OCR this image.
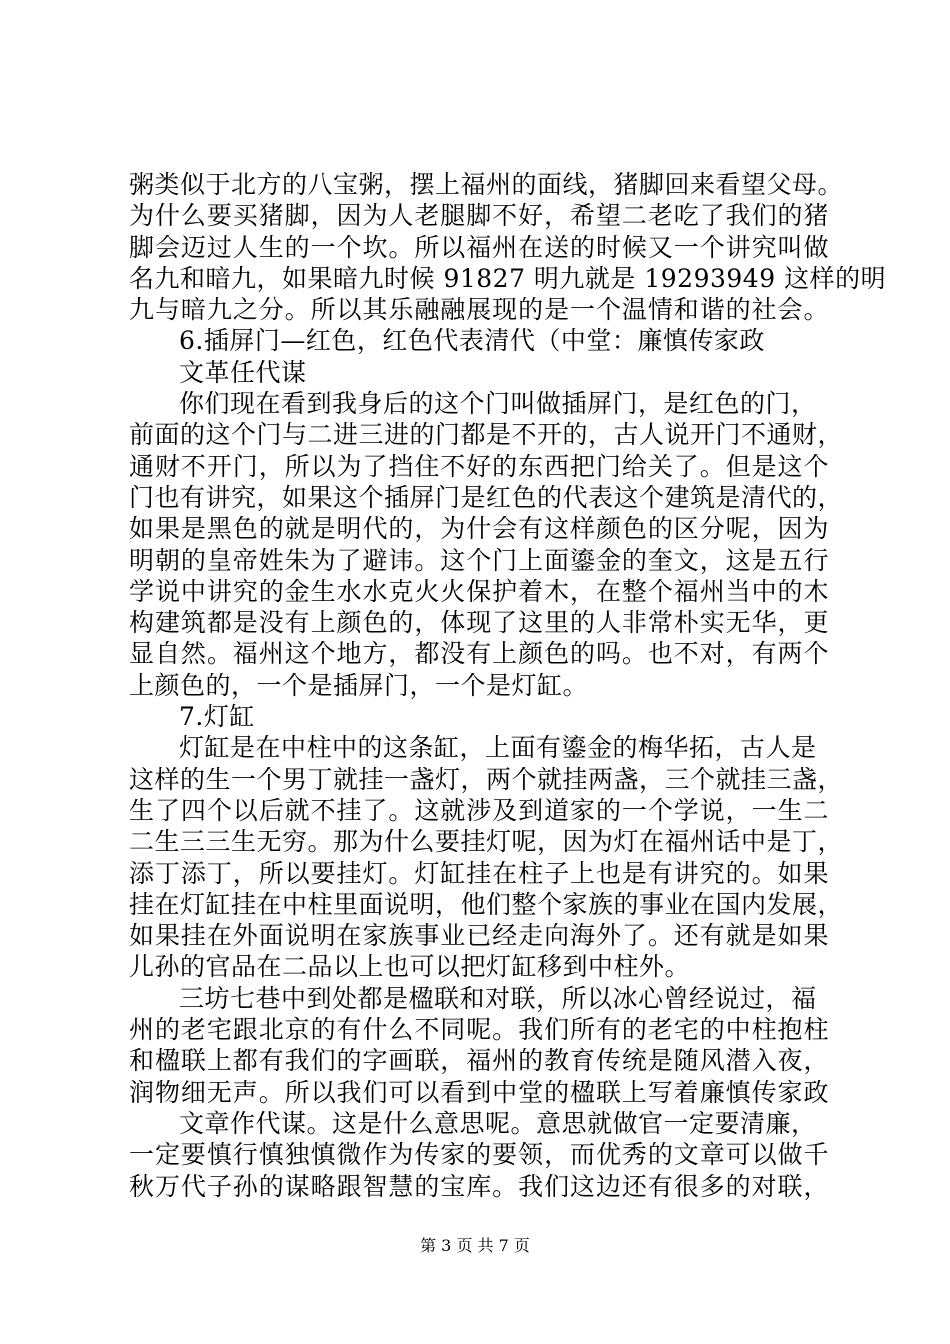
粥类似于北方的八宝粥，摆上福州的面线，猪脚回来看望父母。
为什么要买猪脚，因为人老腿脚不好，希望二老吃了我们的猪
脚会迈过人生的一个坎。所以福州在送的时候又一个讲究叫做
名九和暗九，如果暗九时候 91827 明九就是 19293949 这样的明
九与暗九之分。所以其乐融融展现的是一个温情和谐的社会。
6.插屏门—红色，红色代表清代（中堂：廉慎传家政
文革任代谋
你们现在看到我身后的这个门叫做插屏门，是红色的门，
前面的这个门与二进三进的门都是不开的，古人说开门不通财，
通财不开门，所以为了挡住不好的东西把门给关了。但是这个
门也有讲究，如果这个插屏门是红色的代表这个建筑是清代的，
如果是黑色的就是明代的，为什会有这样颜色的区分呢，因为
明朝的皇帝姓朱为了避讳。这个门上面鎏金的奎文，这是五行
学说中讲究的金生水水克火火保护着木，在整个福州当中的木
构建筑都是没有上颜色的，体现了这里的人非常朴实无华，更
显自然。福州这个地方，都没有上颜色的吗。也不对，有两个
上颜色的，一个是插屏门，一个是灯缸。
7.灯缸
灯缸是在中柱中的这条缸，上面有鎏金的梅华拓，古人是
这样的生一个男丁就挂一盏灯，两个就挂两盏，三个就挂三盏，
生了四个以后就不挂了。这就涉及到道家的一个学说，一生二
二生三三生无穷。那为什么要挂灯呢，因为灯在福州话中是丁，
添丁添丁，所以要挂灯。灯缸挂在柱子上也是有讲究的。如果
挂在灯缸挂在中柱里面说明，他们整个家族的事业在国内发展，
如果挂在外面说明在家族事业已经走向海外了。还有就是如果
儿孙的官品在二品以上也可以把灯缸移到中柱外。
三坊七巷中到处都是楹联和对联，所以冰心曾经说过，福
州的老宅跟北京的有什么不同呢。我们所有的老宅的中柱抱柱
和楹联上都有我们的字画联，福州的教育传统是随风潜入夜，
润物细无声。所以我们可以看到中堂的楹联上写着廉慎传家政
文章作代谋。这是什么意思呢。意思就做官一定要清廉，
一定要慎行慎独慎微作为传家的要领，而优秀的文章可以做千
秋万代子孙的谋略跟智慧的宝库。我们这边还有很多的对联，
第 3 页 共 7 页
